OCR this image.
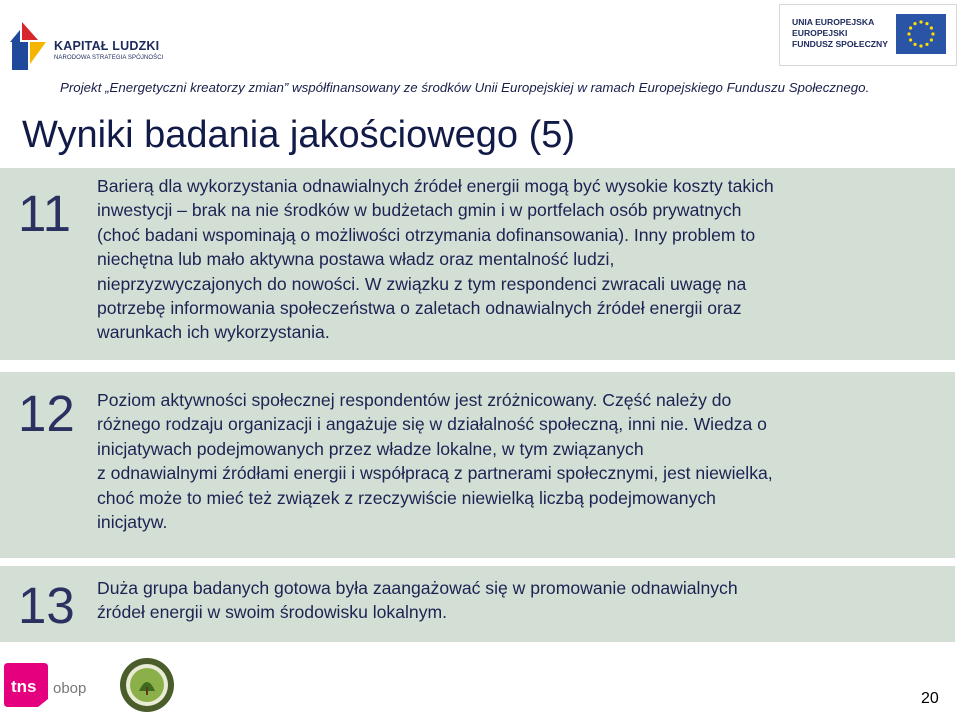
KAPITAŁ LUDZKI
NARODOWA STRATEGIA SPÓJNOŚCI
UNIA EUROPEJSKA
EUROPEJSKI
FUNDUSZ SPOŁECZNY
Projekt „Energetyczni kreatorzy zmian” współfinansowany ze środków Unii Europejskiej w ramach Europejskiego Funduszu Społecznego.
Wyniki badania jakościowego (5)
11 Barierą dla wykorzystania odnawialnych źródeł energii mogą być wysokie koszty takich
inwestycji – brak na nie środków w budżetach gmin i w portfelach osób prywatnych
(choć badani wspominają o możliwości otrzymania dofinansowania). Inny problem to
niechętna lub mało aktywna postawa władz oraz mentalność ludzi,
nieprzyzwyczajonych do nowości. W związku z tym respondenci zwracali uwagę na
potrzebę informowania społeczeństwa o zaletach odnawialnych źródeł energii oraz
warunkach ich wykorzystania.
12 Poziom aktywności społecznej respondentów jest zróżnicowany. Część należy do
różnego rodzaju organizacji i angażuje się w działalność społeczną, inni nie. Wiedza o
inicjatywach podejmowanych przez władze lokalne, w tym związanych
z odnawialnymi źródłami energii i współpracą z partnerami społecznymi, jest niewielka,
choć może to mieć też związek z rzeczywiście niewielką liczbą podejmowanych
inicjatyw.
13 Duża grupa badanych gotowa była zaangażować się w promowanie odnawialnych
źródeł energii w swoim środowisku lokalnym.
tns obop
20
